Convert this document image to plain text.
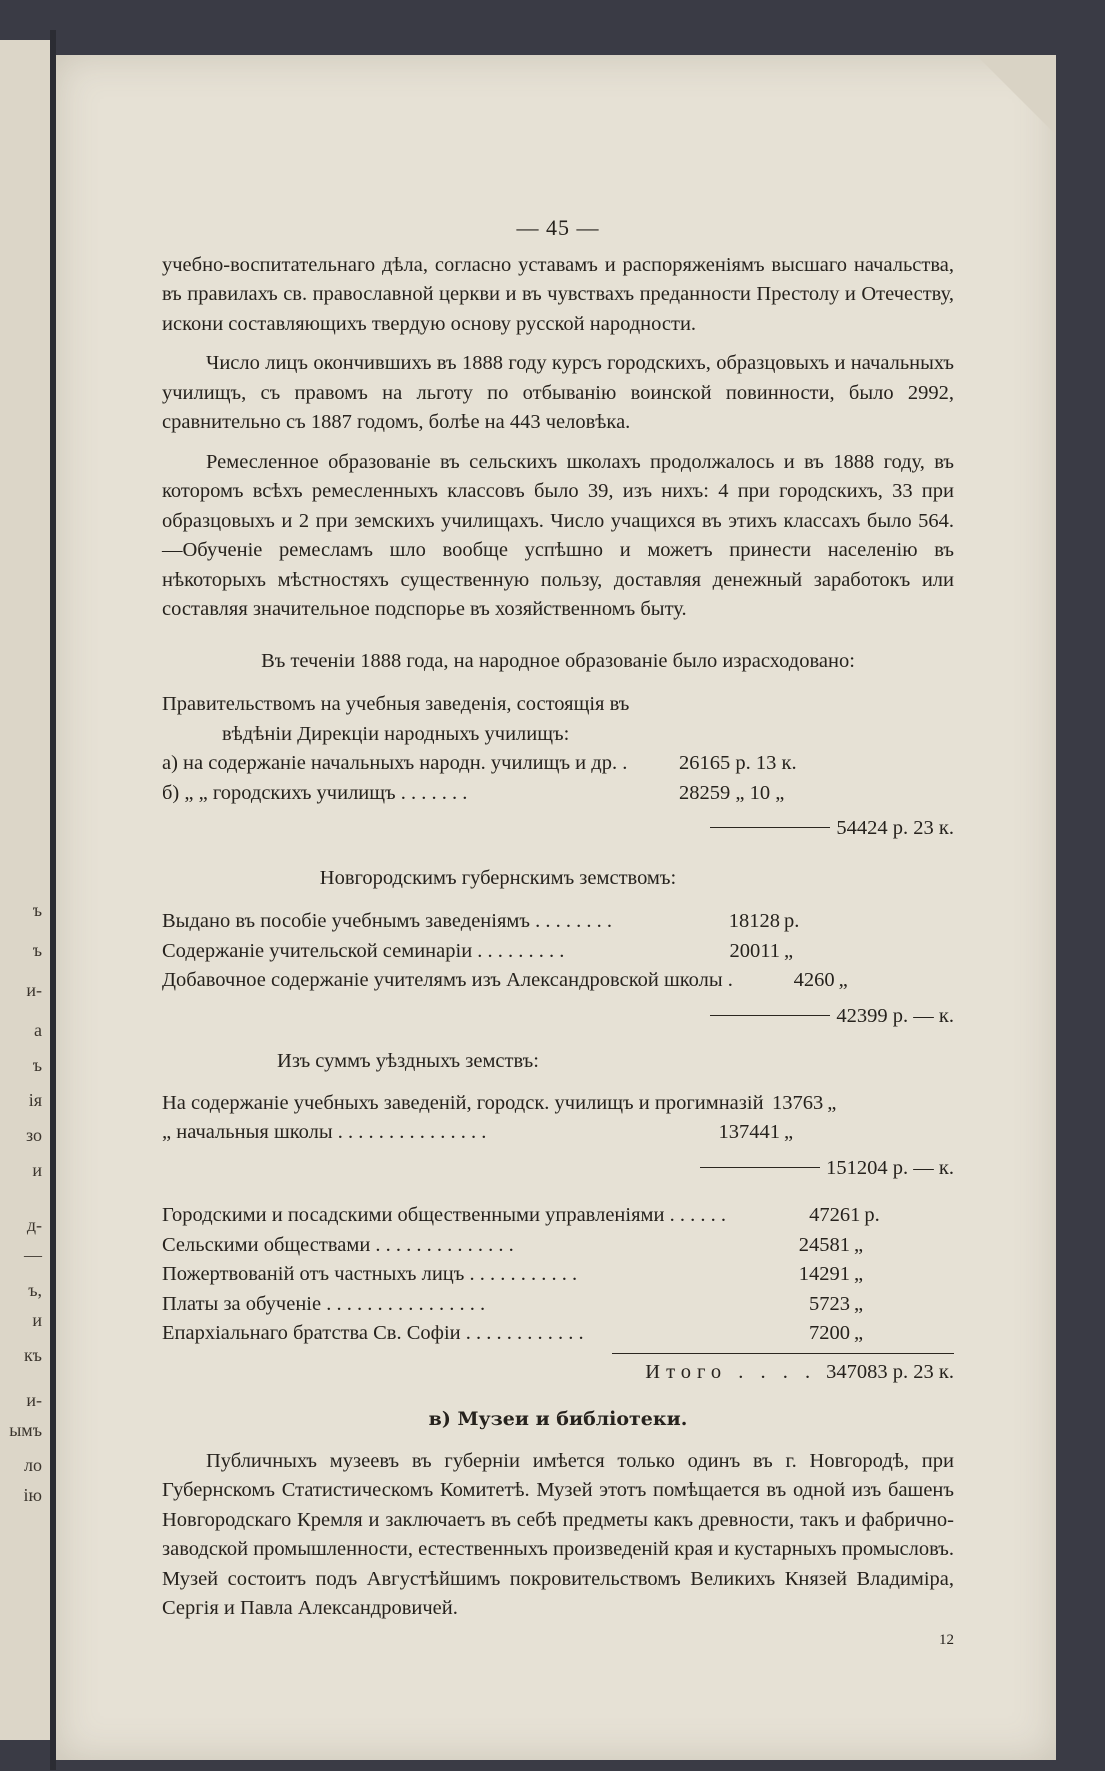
ъ
ъ
и-
а
ъ
ія
зо
и
д-
—
ъ,
и
къ
и-
ымъ
ло
ію
— 45 —

учебно-воспитательнаго дѣла, согласно уставамъ и распоряженіямъ высшаго начальства, въ правилахъ св. православной церкви и въ чувствахъ преданности Престолу и Отечеству, искони составляющихъ твердую основу русской народности.

Число лицъ окончившихъ въ 1888 году курсъ городскихъ, образцовыхъ и начальныхъ училищъ, съ правомъ на льготу по отбыванію воинской повинности, было 2992, сравнительно съ 1887 годомъ, болѣе на 443 человѣка.

Ремесленное образованіе въ сельскихъ школахъ продолжалось и въ 1888 году, въ которомъ всѣхъ ремесленныхъ классовъ было 39, изъ нихъ: 4 при городскихъ, 33 при образцовыхъ и 2 при земскихъ училищахъ. Число учащихся въ этихъ классахъ было 564.—Обученіе ремесламъ шло вообще успѣшно и можетъ принести населенію въ нѣкоторыхъ мѣстностяхъ существенную пользу, доставляя денежный заработокъ или составляя значительное подспорье въ хозяйственномъ быту.

Въ теченіи 1888 года, на народное образованіе было израсходовано:
Правительствомъ на учебныя заведенія, состоящія въ
вѣдѣніи Дирекціи народныхъ училищъ:
а) на содержаніе начальныхъ народн. училищъ и др. .	26165 р. 13 к.
б) „ „ городскихъ училищъ . . . . . . .	28259 „ 10 „
54424 р. 23 к.
Новгородскимъ губернскимъ земствомъ:
Выдано въ пособіе учебнымъ заведеніямъ . . . . . . . .	18128 р.
Содержаніе учительской семинаріи . . . . . . . . .	20011 „
Добавочное содержаніе учителямъ изъ Александровской школы .	4260 „
42399 р. — к.
Изъ суммъ уѣздныхъ земствъ:
На содержаніе учебныхъ заведеній, городск. училищъ и прогимназій 13763 „
„ начальныя школы . . . . . . . . . . . . . . .	137441 „
151204 р. — к.
Городскими и посадскими общественными управленіями . . . . . .	47261 р.
Сельскими обществами . . . . . . . . . . . . . .	24581 „
Пожертвованій отъ частныхъ лицъ . . . . . . . . . . .	14291 „
Платы за обученіе . . . . . . . . . . . . . . . .	5723 „
Епархіальнаго братства Св. Софіи . . . . . . . . . . . .	7200 „
Итого . . . . 347083 р. 23 к.
в) Музеи и библіотеки.

Публичныхъ музеевъ въ губерніи имѣется только одинъ въ г. Новгородѣ, при Губернскомъ Статистическомъ Комитетѣ. Музей этотъ помѣщается въ одной изъ башенъ Новгородскаго Кремля и заключаетъ въ себѣ предметы какъ древности, такъ и фабрично-заводской промышленности, естественныхъ произведеній края и кустарныхъ промысловъ. Музей состоитъ подъ Августѣйшимъ покровительствомъ Великихъ Князей Владиміра, Сергія и Павла Александровичей.

12
